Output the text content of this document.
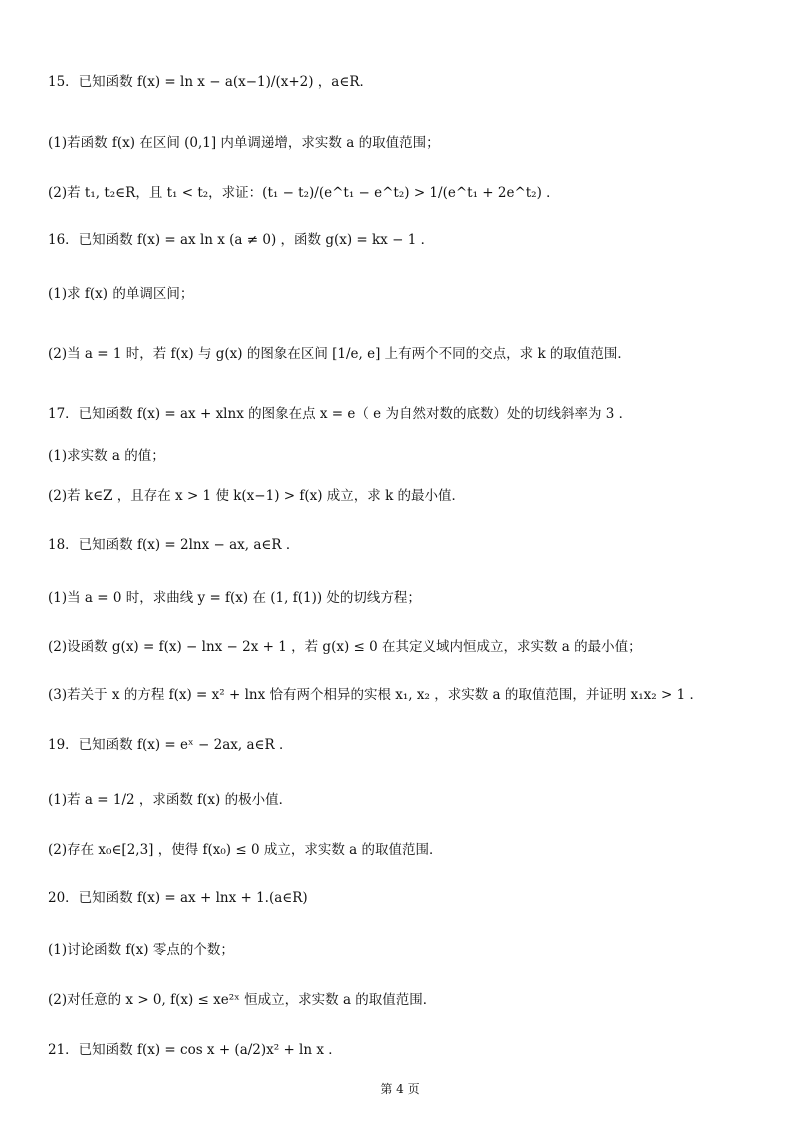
15．已知函数 f(x) = ln x − a(x−1)/(x+2) ，a∈R．
(1)若函数 f(x) 在区间 (0,1] 内单调递增，求实数 a 的取值范围；
(2)若 t₁, t₂∈R，且 t₁ < t₂，求证：(t₁ − t₂)/(e^t₁ − e^t₂) > 1/(e^t₁ + 2e^t₂) ．
16．已知函数 f(x) = ax ln x (a ≠ 0) ，函数 g(x) = kx − 1 ．
(1)求 f(x) 的单调区间；
(2)当 a = 1 时，若 f(x) 与 g(x) 的图象在区间 [1/e, e] 上有两个不同的交点，求 k 的取值范围．
17．已知函数 f(x) = ax + xlnx 的图象在点 x = e（ e 为自然对数的底数）处的切线斜率为 3 ．
(1)求实数 a 的值；
(2)若 k∈Z ，且存在 x > 1 使 k(x−1) > f(x) 成立，求 k 的最小值．
18．已知函数 f(x) = 2lnx − ax, a∈R ．
(1)当 a = 0 时，求曲线 y = f(x) 在 (1, f(1)) 处的切线方程；
(2)设函数 g(x) = f(x) − lnx − 2x + 1 ，若 g(x) ≤ 0 在其定义域内恒成立，求实数 a 的最小值；
(3)若关于 x 的方程 f(x) = x² + lnx 恰有两个相异的实根 x₁, x₂ ，求实数 a 的取值范围，并证明 x₁x₂ > 1 ．
19．已知函数 f(x) = eˣ − 2ax, a∈R ．
(1)若 a = 1/2 ，求函数 f(x) 的极小值．
(2)存在 x₀∈[2,3] ，使得 f(x₀) ≤ 0 成立，求实数 a 的取值范围．
20．已知函数 f(x) = ax + lnx + 1.(a∈R)
(1)讨论函数 f(x) 零点的个数；
(2)对任意的 x > 0, f(x) ≤ xe²ˣ 恒成立，求实数 a 的取值范围．
21．已知函数 f(x) = cos x + (a/2)x² + ln x ．
第 4 页
